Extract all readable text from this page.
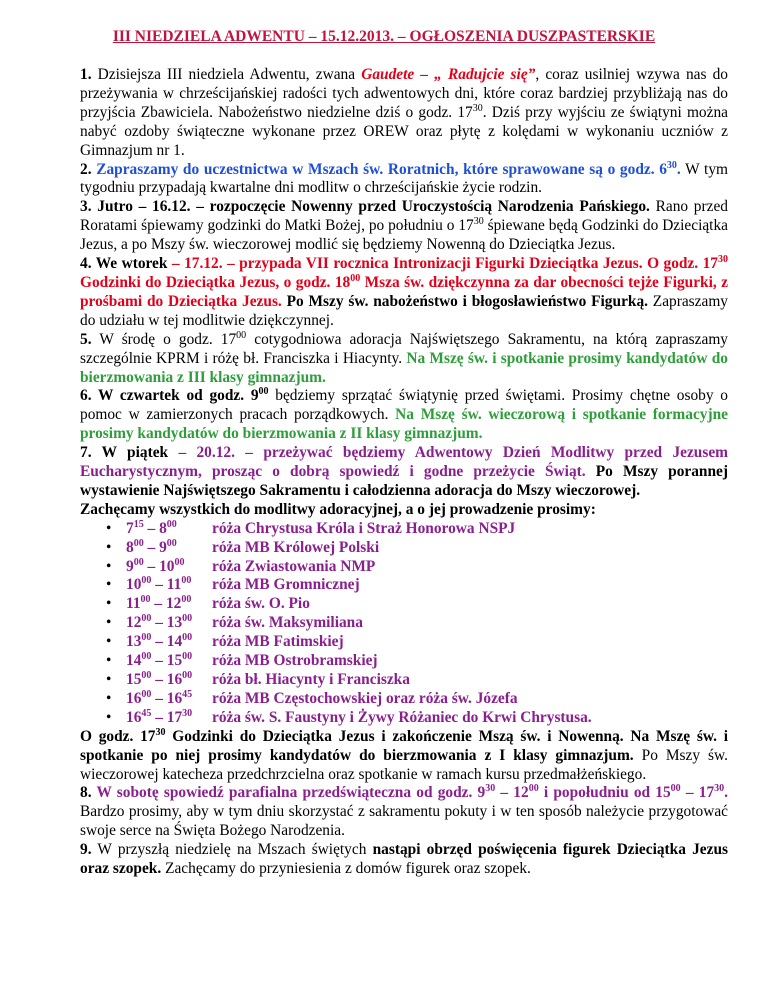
III NIEDZIELA ADWENTU – 15.12.2013. – OGŁOSZENIA DUSZPASTERSKIE

1. Dzisiejsza III niedziela Adwentu, zwana Gaudete – „ Radujcie się”, coraz usilniej wzywa nas do przeżywania w chrześcijańskiej radości tych adwentowych dni, które coraz bardziej przybliżają nas do przyjścia Zbawiciela. Nabożeństwo niedzielne dziś o godz. $17^{30}$. Dziś przy wyjściu ze świątyni można nabyć ozdoby świąteczne wykonane przez OREW oraz płytę z kolędami w wykonaniu uczniów z Gimnazjum nr 1.

2. Zapraszamy do uczestnictwa w Mszach św. Roratnich, które sprawowane są o godz. $6^{30}$. W tym tygodniu przypadają kwartalne dni modlitw o chrześcijańskie życie rodzin.

3. Jutro – 16.12. – rozpoczęcie Nowenny przed Uroczystością Narodzenia Pańskiego. Rano przed Roratami śpiewamy godzinki do Matki Bożej, po południu o $17^{30}$ śpiewane będą Godzinki do Dzieciątka Jezus, a po Mszy św. wieczorowej modlić się będziemy Nowenną do Dzieciątka Jezus.

4. We wtorek – 17.12. – przypada VII rocznica Intronizacji Figurki Dzieciątka Jezus. O godz. $17^{30}$ Godzinki do Dzieciątka Jezus, o godz. $18^{00}$ Msza św. dziękczynna za dar obecności tejże Figurki, z prośbami do Dzieciątka Jezus. Po Mszy św. nabożeństwo i błogosławieństwo Figurką. Zapraszamy do udziału w tej modlitwie dziękczynnej.

5. W środę o godz. $17^{00}$ cotygodniowa adoracja Najświętszego Sakramentu, na którą zapraszamy szczególnie KPRM i różę bł. Franciszka i Hiacynty. Na Mszę św. i spotkanie prosimy kandydatów do bierzmowania z III klasy gimnazjum.

6. W czwartek od godz. $9^{00}$ będziemy sprzątać świątynię przed świętami. Prosimy chętne osoby o pomoc w zamierzonych pracach porządkowych. Na Mszę św. wieczorową i spotkanie formacyjne prosimy kandydatów do bierzmowania z II klasy gimnazjum.

7. W piątek – 20.12. – przeżywać będziemy Adwentowy Dzień Modlitwy przed Jezusem Eucharystycznym, prosząc o dobrą spowiedź i godne przeżycie Świąt. Po Mszy porannej wystawienie Najświętszego Sakramentu i całodzienna adoracja do Mszy wieczorowej.

Zachęcamy wszystkich do modlitwy adoracyjnej, a o jej prowadzenie prosimy:

• $7^{15} - 8^{00}$ róża Chrystusa Króla i Straż Honorowa NSPJ
• $8^{00} - 9^{00}$ róża MB Królowej Polski
• $9^{00} - 10^{00}$ róża Zwiastowania NMP
• $10^{00} - 11^{00}$ róża MB Gromnicznej
• $11^{00} - 12^{00}$ róża św. O. Pio
• $12^{00} - 13^{00}$ róża św. Maksymiliana
• $13^{00} - 14^{00}$ róża MB Fatimskiej
• $14^{00} - 15^{00}$ róża MB Ostrobramskiej
• $15^{00} - 16^{00}$ róża bł. Hiacynty i Franciszka
• $16^{00} - 16^{45}$ róża MB Częstochowskiej oraz róża św. Józefa
• $16^{45} - 17^{30}$ róża św. S. Faustyny i Żywy Różaniec do Krwi Chrystusa.

O godz. $17^{30}$ Godzinki do Dzieciątka Jezus i zakończenie Mszą św. i Nowenną. Na Mszę św. i spotkanie po niej prosimy kandydatów do bierzmowania z I klasy gimnazjum. Po Mszy św. wieczorowej katecheza przedchrzcielna oraz spotkanie w ramach kursu przedmałżeńskiego.

8. W sobotę spowiedź parafialna przedświąteczna od godz. $9^{30} - 12^{00}$ i popołudniu od $15^{00} - 17^{30}$. Bardzo prosimy, aby w tym dniu skorzystać z sakramentu pokuty i w ten sposób należycie przygotować swoje serce na Święta Bożego Narodzenia.

9. W przyszłą niedzielę na Mszach świętych nastąpi obrzęd poświęcenia figurek Dzieciątka Jezus oraz szopek. Zachęcamy do przyniesienia z domów figurek oraz szopek.
